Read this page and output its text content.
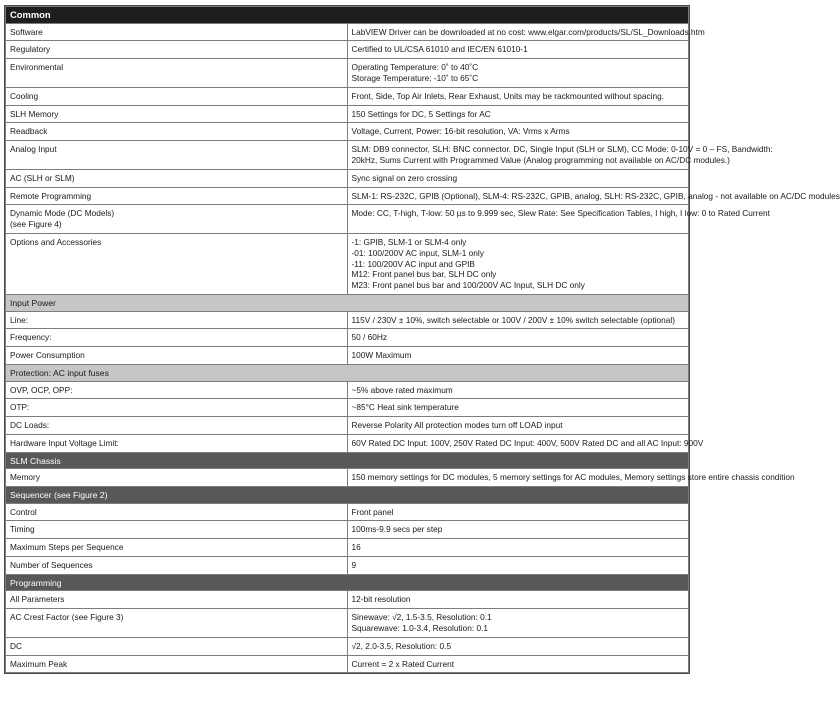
Common	

Software	LabVIEW Driver can be downloaded at no cost: www.elgar.com/products/SL/SL_Downloads.htm

Regulatory	Certified to UL/CSA 61010 and IEC/EN 61010-1

Environmental	Operating Temperature: 0˚ to 40˚C
Storage Temperature: -10˚ to 65˚C

Cooling	Front, Side, Top Air Inlets, Rear Exhaust, Units may be rackmounted without spacing.

SLH Memory	150 Settings for DC, 5 Settings for AC

Readback	Voltage, Current, Power: 16-bit resolution, VA: Vrms x Arms

Analog Input	SLM: DB9 connector, SLH: BNC connector. DC, Single Input (SLH or SLM), CC Mode: 0-10V = 0 – FS, Bandwidth:
20kHz, Sums Current with Programmed Value (Analog programming not available on AC/DC modules.)

AC (SLH or SLM)	Sync signal on zero crossing

Remote Programming	SLM-1: RS-232C, GPIB (Optional), SLM-4: RS-232C, GPIB, analog, SLH: RS-232C, GPIB, analog - not available on AC/DC modules

Dynamic Mode (DC Models)
(see Figure 4)	Mode: CC, T-high, T-low: 50 µs to 9.999 sec, Slew Rate: See Specification Tables, I high, I low: 0 to Rated Current

Options and Accessories	-1: GPIB, SLM-1 or SLM-4 only
-01: 100/200V AC input, SLM-1 only
-11: 100/200V AC input and GPIB
M12: Front panel bus bar, SLH DC only
M23: Front panel bus bar and 100/200V AC Input, SLH DC only

Input Power	

Line:	115V / 230V ± 10%, switch selectable or 100V / 200V ± 10% switch selectable (optional)

Frequency:	50 / 60Hz

Power Consumption	100W Maximum

Protection: AC input fuses	

OVP, OCP, OPP:	~5% above rated maximum

OTP:	~85°C Heat sink temperature

DC Loads:	Reverse Polarity All protection modes turn off LOAD input

Hardware Input Voltage Limit:	60V Rated DC Input: 100V, 250V Rated DC Input: 400V, 500V Rated DC and all AC Input: 900V

SLM Chassis	

Memory	150 memory settings for DC modules, 5 memory settings for AC modules, Memory settings store entire chassis condition

Sequencer (see Figure 2)	

Control	Front panel

Timing	100ms-9.9 secs per step

Maximum Steps per Sequence	16

Number of Sequences	9

Programming	

All Parameters	12-bit resolution

AC Crest Factor (see Figure 3)	Sinewave: √2, 1.5-3.5, Resolution: 0.1
Squarewave: 1.0-3.4, Resolution: 0.1

DC	√2, 2.0-3.5, Resolution: 0.5

Maximum Peak	Current = 2 x Rated Current
